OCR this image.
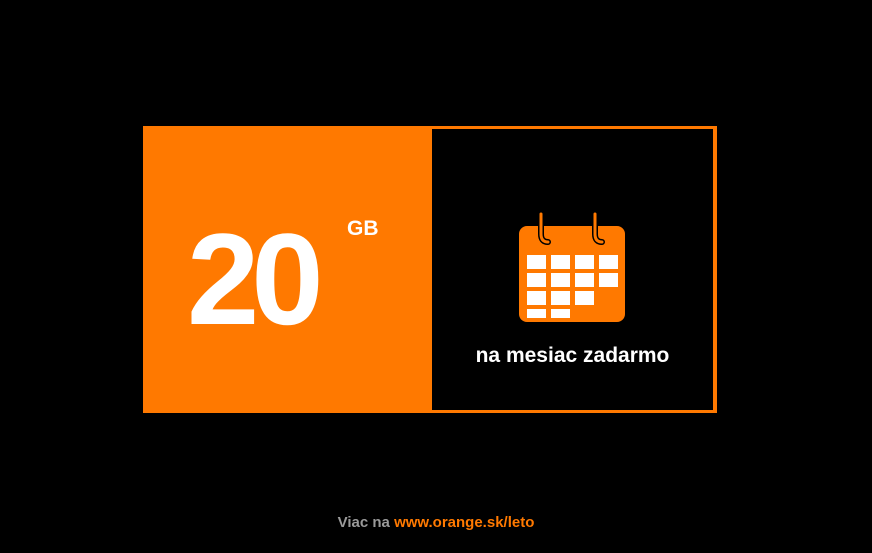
20 GB
na mesiac zadarmo
Viac na www.orange.sk/leto
